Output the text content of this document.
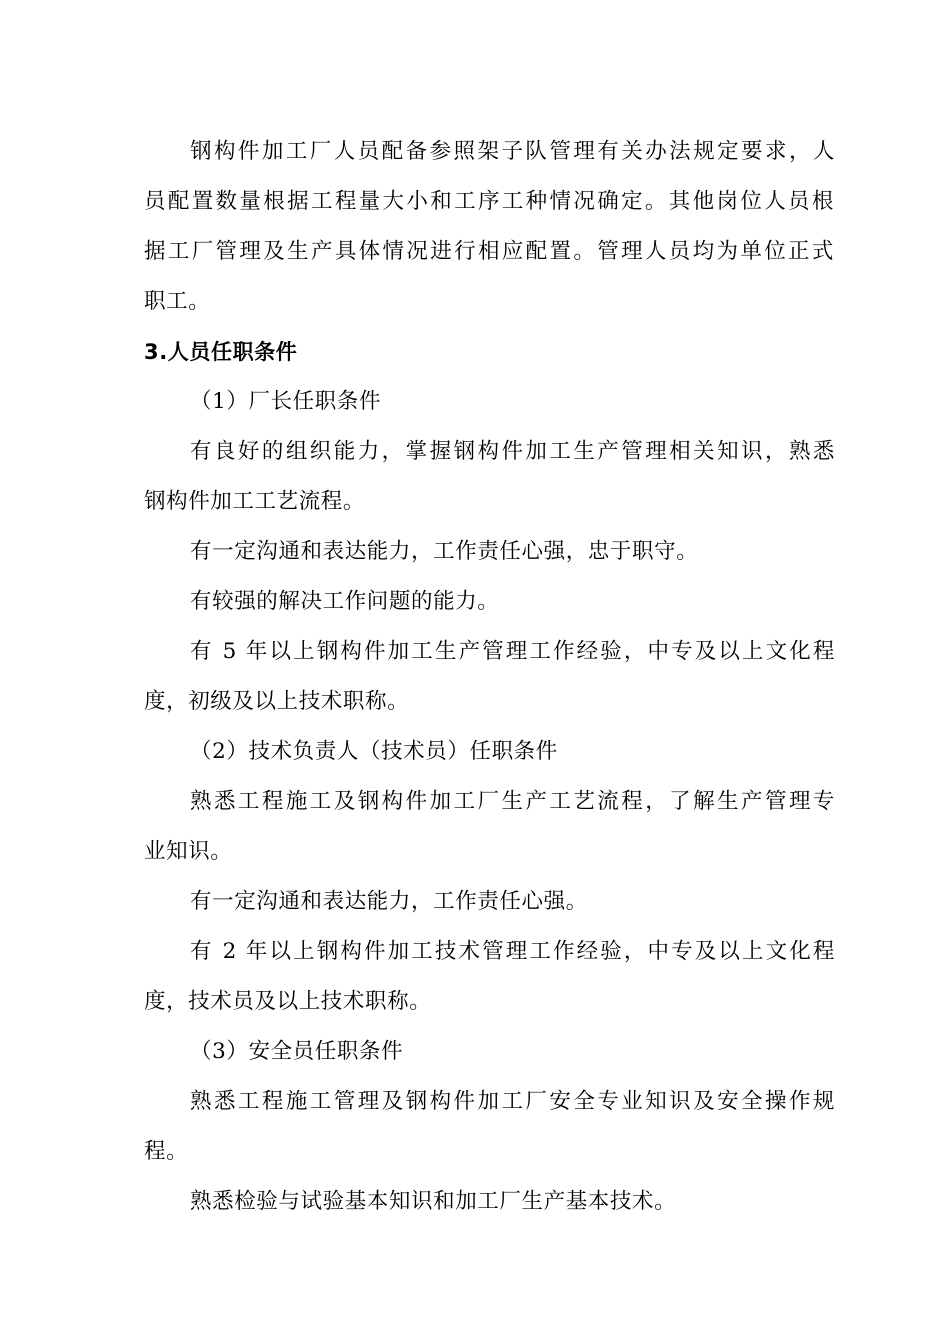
钢构件加工厂人员配备参照架子队管理有关办法规定要求，人
员配置数量根据工程量大小和工序工种情况确定。其他岗位人员根
据工厂管理及生产具体情况进行相应配置。管理人员均为单位正式
职工。
3.人员任职条件
（1）厂长任职条件
有良好的组织能力，掌握钢构件加工生产管理相关知识，熟悉
钢构件加工工艺流程。
有一定沟通和表达能力，工作责任心强，忠于职守。
有较强的解决工作问题的能力。
有 5 年以上钢构件加工生产管理工作经验，中专及以上文化程
度，初级及以上技术职称。
（2）技术负责人（技术员）任职条件
熟悉工程施工及钢构件加工厂生产工艺流程，了解生产管理专
业知识。
有一定沟通和表达能力，工作责任心强。
有 2 年以上钢构件加工技术管理工作经验，中专及以上文化程
度，技术员及以上技术职称。
（3）安全员任职条件
熟悉工程施工管理及钢构件加工厂安全专业知识及安全操作规
程。
熟悉检验与试验基本知识和加工厂生产基本技术。
